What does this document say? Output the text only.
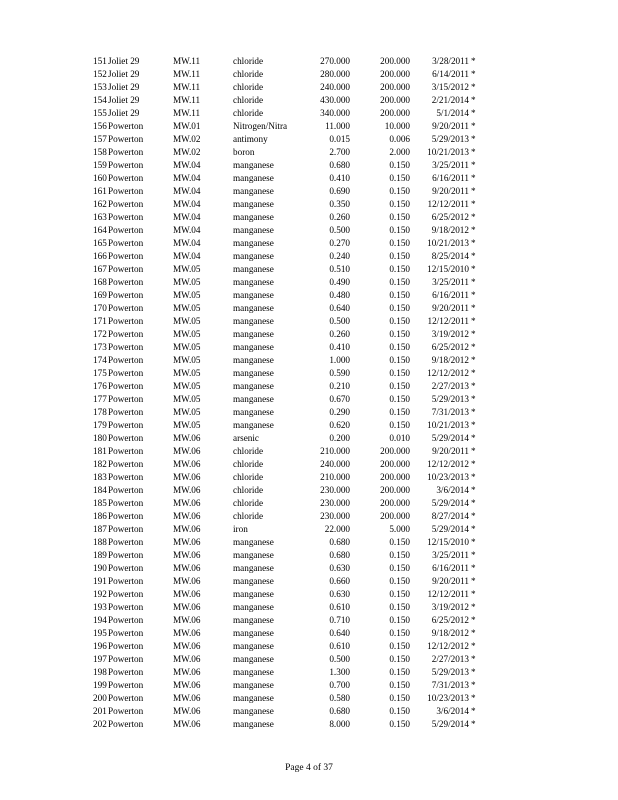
151 Joliet 29	MW.11	chloride	270.000	200.000 3/28/2011 *
152 Joliet 29	MW.11	chloride	280.000	200.000 6/14/2011 *
153 Joliet 29	MW.11	chloride	240.000	200.000 3/15/2012 *
154 Joliet 29	MW.11	chloride	430.000	200.000 2/21/2014 *
155 Joliet 29	MW.11	chloride	340.000	200.000	5/1/2014 *
156 Powerton	MW.01	Nitrogen/Nitra	11.000	10.000 9/20/2011 *
157 Powerton	MW.02	antimony	0.015	0.006 5/29/2013 *
158 Powerton	MW.02	boron	2.700	2.000 10/21/2013 *
159 Powerton	MW.04	manganese	0.680	0.150 3/25/2011 *
160 Powerton	MW.04	manganese	0.410	0.150 6/16/2011 *
161 Powerton	MW.04	manganese	0.690	0.150 9/20/2011 *
162 Powerton	MW.04	manganese	0.350	0.150 12/12/2011 *
163 Powerton	MW.04	manganese	0.260	0.150 6/25/2012 *
164 Powerton	MW.04	manganese	0.500	0.150 9/18/2012 *
165 Powerton	MW.04	manganese	0.270	0.150 10/21/2013 *
166 Powerton	MW.04	manganese	0.240	0.150 8/25/2014 *
167 Powerton	MW.05	manganese	0.510	0.150 12/15/2010 *
168 Powerton	MW.05	manganese	0.490	0.150 3/25/2011 *
169 Powerton	MW.05	manganese	0.480	0.150 6/16/2011 *
170 Powerton	MW.05	manganese	0.640	0.150 9/20/2011 *
171 Powerton	MW.05	manganese	0.500	0.150 12/12/2011 *
172 Powerton	MW.05	manganese	0.260	0.150 3/19/2012 *
173 Powerton	MW.05	manganese	0.410	0.150 6/25/2012 *
174 Powerton	MW.05	manganese	1.000	0.150 9/18/2012 *
175 Powerton	MW.05	manganese	0.590	0.150 12/12/2012 *
176 Powerton	MW.05	manganese	0.210	0.150 2/27/2013 *
177 Powerton	MW.05	manganese	0.670	0.150 5/29/2013 *
178 Powerton	MW.05	manganese	0.290	0.150 7/31/2013 *
179 Powerton	MW.05	manganese	0.620	0.150 10/21/2013 *
180 Powerton	MW.06	arsenic	0.200	0.010 5/29/2014 *
181 Powerton	MW.06	chloride	210.000	200.000 9/20/2011 *
182 Powerton	MW.06	chloride	240.000	200.000 12/12/2012 *
183 Powerton	MW.06	chloride	210.000	200.000 10/23/2013 *
184 Powerton	MW.06	chloride	230.000	200.000	3/6/2014 *
185 Powerton	MW.06	chloride	230.000	200.000 5/29/2014 *
186 Powerton	MW.06	chloride	230.000	200.000 8/27/2014 *
187 Powerton	MW.06	iron	22.000	5.000 5/29/2014 *
188 Powerton	MW.06	manganese	0.680	0.150 12/15/2010 *
189 Powerton	MW.06	manganese	0.680	0.150 3/25/2011 *
190 Powerton	MW.06	manganese	0.630	0.150 6/16/2011 *
191 Powerton	MW.06	manganese	0.660	0.150 9/20/2011 *
192 Powerton	MW.06	manganese	0.630	0.150 12/12/2011 *
193 Powerton	MW.06	manganese	0.610	0.150 3/19/2012 *
194 Powerton	MW.06	manganese	0.710	0.150 6/25/2012 *
195 Powerton	MW.06	manganese	0.640	0.150 9/18/2012 *
196 Powerton	MW.06	manganese	0.610	0.150 12/12/2012 *
197 Powerton	MW.06	manganese	0.500	0.150 2/27/2013 *
198 Powerton	MW.06	manganese	1.300	0.150 5/29/2013 *
199 Powerton	MW.06	manganese	0.700	0.150 7/31/2013 *
200 Powerton	MW.06	manganese	0.580	0.150 10/23/2013 *
201 Powerton	MW.06	manganese	0.680	0.150	3/6/2014 *
202 Powerton	MW.06	manganese	8.000	0.150 5/29/2014 *
Page 4 of 37
